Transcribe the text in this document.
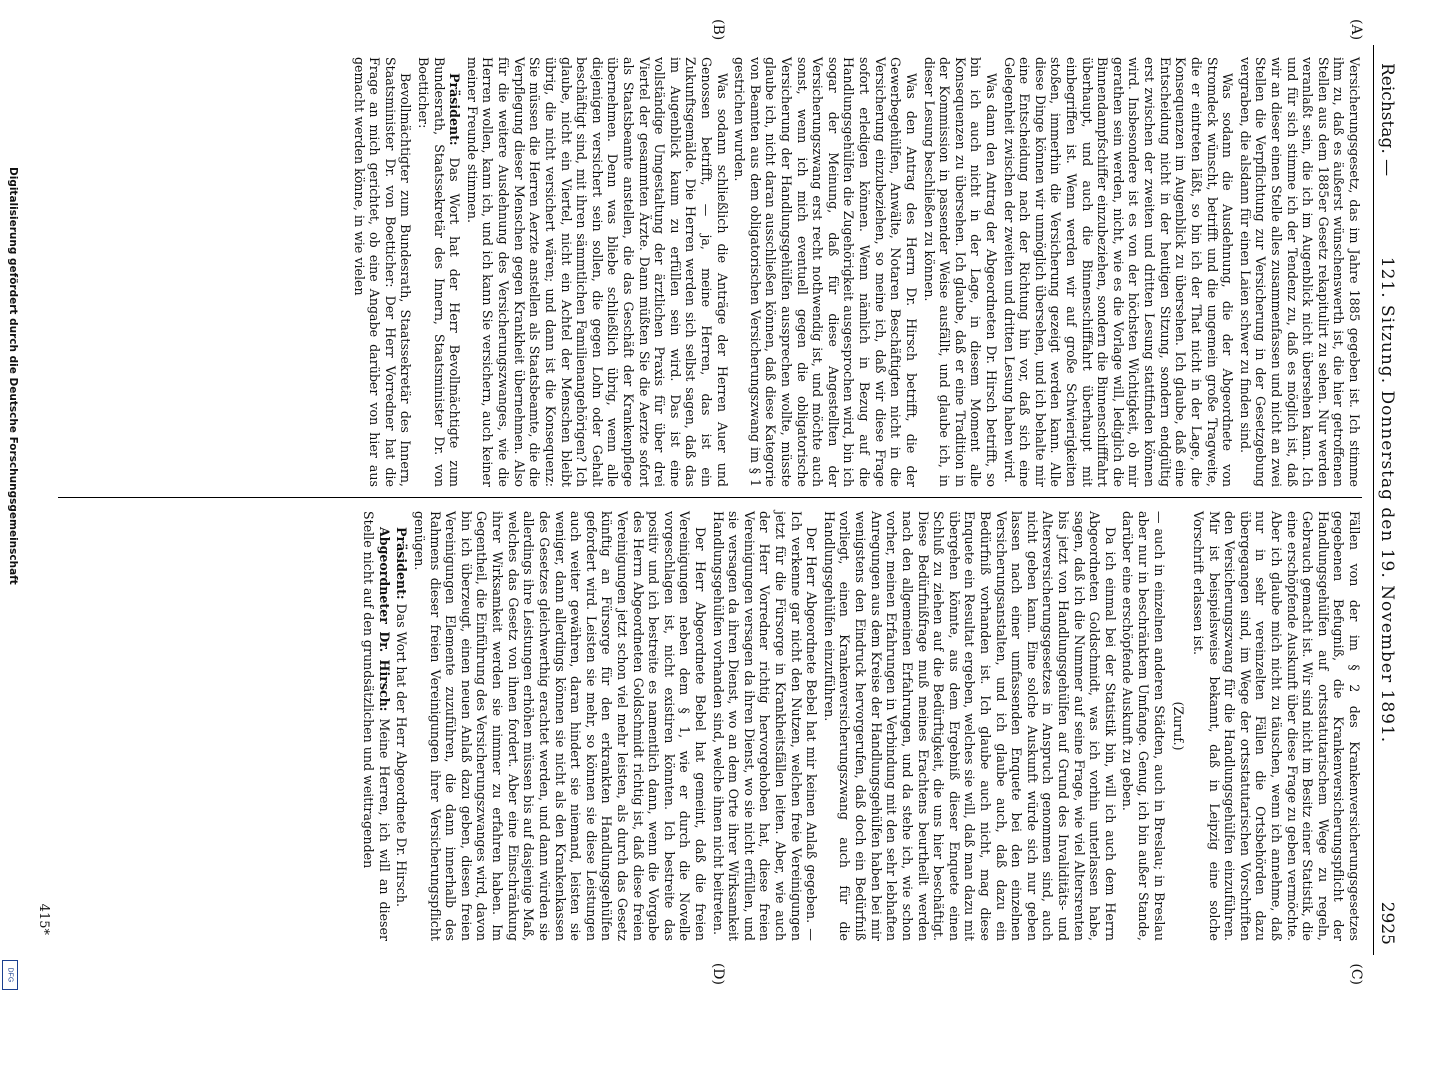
Reichstag. —
121. Sitzung. Donnerstag den 19. November 1891.
2925
(A)
(B)
(C)
(D)

Versicherungsgesetz, das im Jahre 1885 gegeben ist. Ich stimme ihm zu, daß es äußerst wünschenswerth ist, die hier getroffenen Stellen aus dem 1885er Gesetz rekapitulirt zu sehen. Nur werden veranlaßt sein, die ich im Augenblick nicht übersehen kann. Ich und für sich stimme ich der Tendenz zu, daß es möglich ist, daß wir an dieser einen Stelle alles zusammenfassen und nicht an zwei Stellen die Verpflichtung zur Versicherung in der Gesetzgebung vergraben, die alsdann für einen Laien schwer zu finden sind.

Was sodann die Ausdehnung, die der Abgeordnete von Stromdeck wünscht, betrifft und die ungemein große Tragweite, die er eintreten läßt, so bin ich der That nicht in der Lage, die Konsequenzen im Augenblick zu übersehen. Ich glaube, daß eine Entscheidung nicht in der heutigen Sitzung, sondern endgültig erst zwischen der zweiten und dritten Lesung stattfinden können wird. Insbesondere ist es von der höchsten Wichtigkeit, ob mir gerathen sein werden, nicht, wie es die Vorlage will, lediglich die Binnendampfschiffer einzubeziehen, sondern die Binnenschifffahrt überhaupt, und auch die Binnenschifffahrt überhaupt mit einbegriffen ist. Wenn werden wir auf große Schwierigkeiten stoßen, immerhin die Versicherung gezeigt werden kann. Alle diese Dinge können wir unmöglich übersehen, und ich behalte mir eine Entscheidung nach der Richtung hin vor, daß sich eine Gelegenheit zwischen der zweiten und dritten Lesung haben wird.

Was dann den Antrag der Abgeordneten Dr. Hirsch betrifft, so bin ich auch nicht in der Lage, in diesem Moment alle Konsequenzen zu übersehen. Ich glaube, daß er eine Tradition in der Kommission in passender Weise ausfällt, und glaube ich, in dieser Lesung beschließen zu können.

Was den Antrag des Herrn Dr. Hirsch betrifft, die der Gewerbegehülfen, Anwälte, Notaren Beschäftigten nicht in die Versicherung einzubeziehen, so meine ich, daß wir diese Frage sofort erledigen können. Wenn nämlich in Bezug auf die Handlungsgehülfen die Zugehörigkeit ausgesprochen wird, bin ich sogar der Meinung, daß für diese Angestellten der Versicherungszwang erst recht nothwendig ist, und möchte auch sonst, wenn ich mich eventuell gegen die obligatorische Versicherung der Handlungsgehülfen aussprechen wollte, müsste glaube ich, nicht daran ausschließen können, daß diese Kategorie von Beamten aus dem obligatorischen Versicherungszwang im § 1 gestrichen wurden.

Was sodann schließlich die Anträge der Herren Auer und Genossen betrifft, — ja, meine Herren, das ist ein Zukunftsgemälde. Die Herren werden sich selbst sagen, daß das im Augenblick kaum zu erfüllen sein wird. Das ist eine vollständige Umgestaltung der ärztlichen Praxis für über drei Viertel der gesammten Ärzte. Dann müßten Sie die Aerzte sofort als Staatsbeamte anstellen, die das Geschäft der Krankenpflege übernehmen. Denn was bliebe schließlich übrig, wenn alle diejenigen versichert sein sollen, die gegen Lohn oder Gehalt beschäftigt sind, mit ihren sämmtlichen Familienangehörigen? Ich glaube, nicht ein Viertel, nicht ein Achtel der Menschen bleibt übrig, die nicht versichert wären; und dann ist die Konsequenz: Sie müssen die Herren Aerzte anstellen als Staatsbeamte, die die Verpflegung dieser Menschen gegen Krankheit übernehmen. Also für die weitere Ausdehnung des Versicherungszwanges, wie die Herren wollen, kann ich, und ich kann Sie versichern, auch keiner meiner Freunde stimmen.

Präsident: Das Wort hat der Herr Bevollmächtigte zum Bundesrath, Staatssekretär des Innern, Staatsminister Dr. von Boetticher:

Bevollmächtigter zum Bundesrath, Staatssekretär des Innern, Staatsminister Dr. von Boetticher: Der Herr Vorredner hat die Frage an mich gerichtet, ob eine Angabe darüber von hier aus gemacht werden könne, in wie vielen

Fällen von der im § 2 des Krankenversicherungsgesetzes gegebenen Befugniß, die Krankenversicherungspflicht der Handlungsgehülfen auf ortsstatutarischem Wege zu regeln, Gebrauch gemacht ist. Wir sind nicht im Besitz einer Statistik, die eine erschöpfende Auskunft über diese Frage zu geben vermöchte. Aber ich glaube mich nicht zu täuschen, wenn ich annehme, daß nur in sehr vereinzelten Fällen die Ortsbehörden dazu übergegangen sind, im Wege der ortsstatutarischen Vorschriften den Versicherungszwang für die Handlungsgehülfen einzuführen. Mir ist beispielsweise bekannt, daß in Leipzig eine solche Vorschrift erlassen ist.

(Zuruf.)

— auch in einzelnen anderen Städten, auch in Breslau; in Breslau aber nur in beschränktem Umfange. Genug, ich bin außer Stande, darüber eine erschöpfende Auskunft zu geben.

Da ich einmal bei der Statistik bin, will ich auch dem Herrn Abgeordneten Goldschmidt, was ich vorhin unterlassen habe, sagen, daß ich die Nummer auf seine Frage, wie viel Altersrenten bis jetzt von Handlungsgehülfen auf Grund des Invaliditäts- und Altersversicherungsgesetzes in Anspruch genommen sind, auch nicht geben kann. Eine solche Auskunft würde sich nur geben lassen nach einer umfassenden Enquete bei den einzelnen Versicherungsanstalten, und ich glaube auch, daß dazu ein Bedürfniß vorhanden ist. Ich glaube auch nicht, mag diese Enquete ein Resultat ergeben, welches sie will, daß man dazu mit übergehen könnte, aus dem Ergebniß dieser Enquete einen Schluß zu ziehen auf die Bedürftigkeit, die uns hier beschäftigt. Diese Bedürfnißfrage muß meines Erachtens beurtheilt werden nach den allgemeinen Erfahrungen, und da stehe ich, wie schon vorher, meinen Erfahrungen in Verbindung mit den sehr lebhaften Anregungen aus dem Kreise der Handlungsgehülfen haben bei mir wenigstens den Eindruck hervorgerufen, daß doch ein Bedürfniß vorliegt, einen Krankenversicherungszwang auch für die Handlungsgehülfen einzuführen.

Der Herr Abgeordnete Bebel hat mir keinen Anlaß gegeben. — Ich verkenne gar nicht den Nutzen, welchen freie Vereinigungen jetzt für die Fürsorge in Krankheitsfällen leiten. Aber, wie auch der Herr Vorredner richtig hervorgehoben hat, diese freien Vereinigungen versagen da ihren Dienst, wo sie nicht erfüllen, und sie versagen da ihren Dienst, wo an dem Orte ihrer Wirksamkeit Handlungsgehülfen vorhanden sind, welche ihnen nicht beitreten.

Der Herr Abgeordnete Bebel hat gemeint, daß die freien Vereinigungen neben dem § 1, wie er durch die Novelle vorgeschlagen ist, nicht existiren könnten. Ich bestreite das positiv und ich bestreite es namentlich dann, wenn die Vorgabe des Herrn Abgeordneten Goldschmidt richtig ist, daß diese freien Vereinigungen jetzt schon viel mehr leisten, als durch das Gesetz künftig an Fürsorge für den erkrankten Handlungsgehülfen gefordert wird. Leisten sie mehr, so können sie diese Leistungen auch weiter gewähren, daran hindert sie niemand, leisten sie weniger, dann allerdings können sie nicht als den Krankenkassen des Gesetzes gleichwerthig erachtet werden, und dann würden sie allerdings ihre Leistungen erhöhen müssen bis auf dasjenige Maß, welches das Gesetz von ihnen fordert. Aber eine Einschränkung ihrer Wirksamkeit werden sie nimmer zu erfahren haben. Im Gegentheil, die Einführung des Versicherungszwanges wird, davon bin ich überzeugt, einen neuen Anlaß dazu geben, diesen freien Vereinigungen Elemente zuzuführen, die dann innerhalb des Rahmens dieser freien Vereinigungen ihrer Versicherungspflicht genügen.

Präsident: Das Wort hat der Herr Abgeordnete Dr. Hirsch.

Abgeordneter Dr. Hirsch: Meine Herren, ich will an dieser Stelle nicht auf den grundsätzlichen und weittragenden

415*
Digitalisierung gefördert durch die Deutsche Forschungsgemeinschaft
DFG
